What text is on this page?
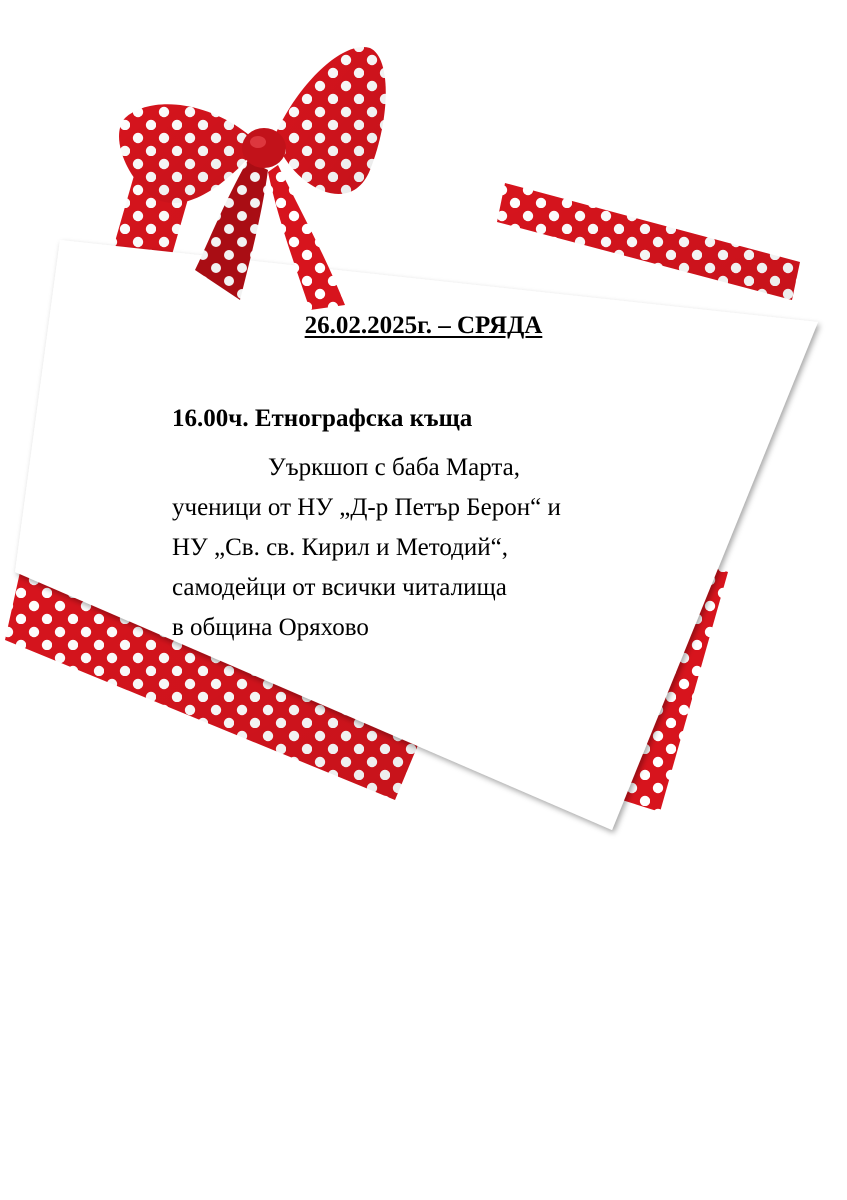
26.02.2025г. – СРЯДА
16.00ч. Етнографска къща
Уъркшоп с баба Марта,
ученици от НУ „Д-р Петър Берон“ и
НУ „Св. св. Кирил и Методий“,
самодейци от всички читалища
в община Оряхово
